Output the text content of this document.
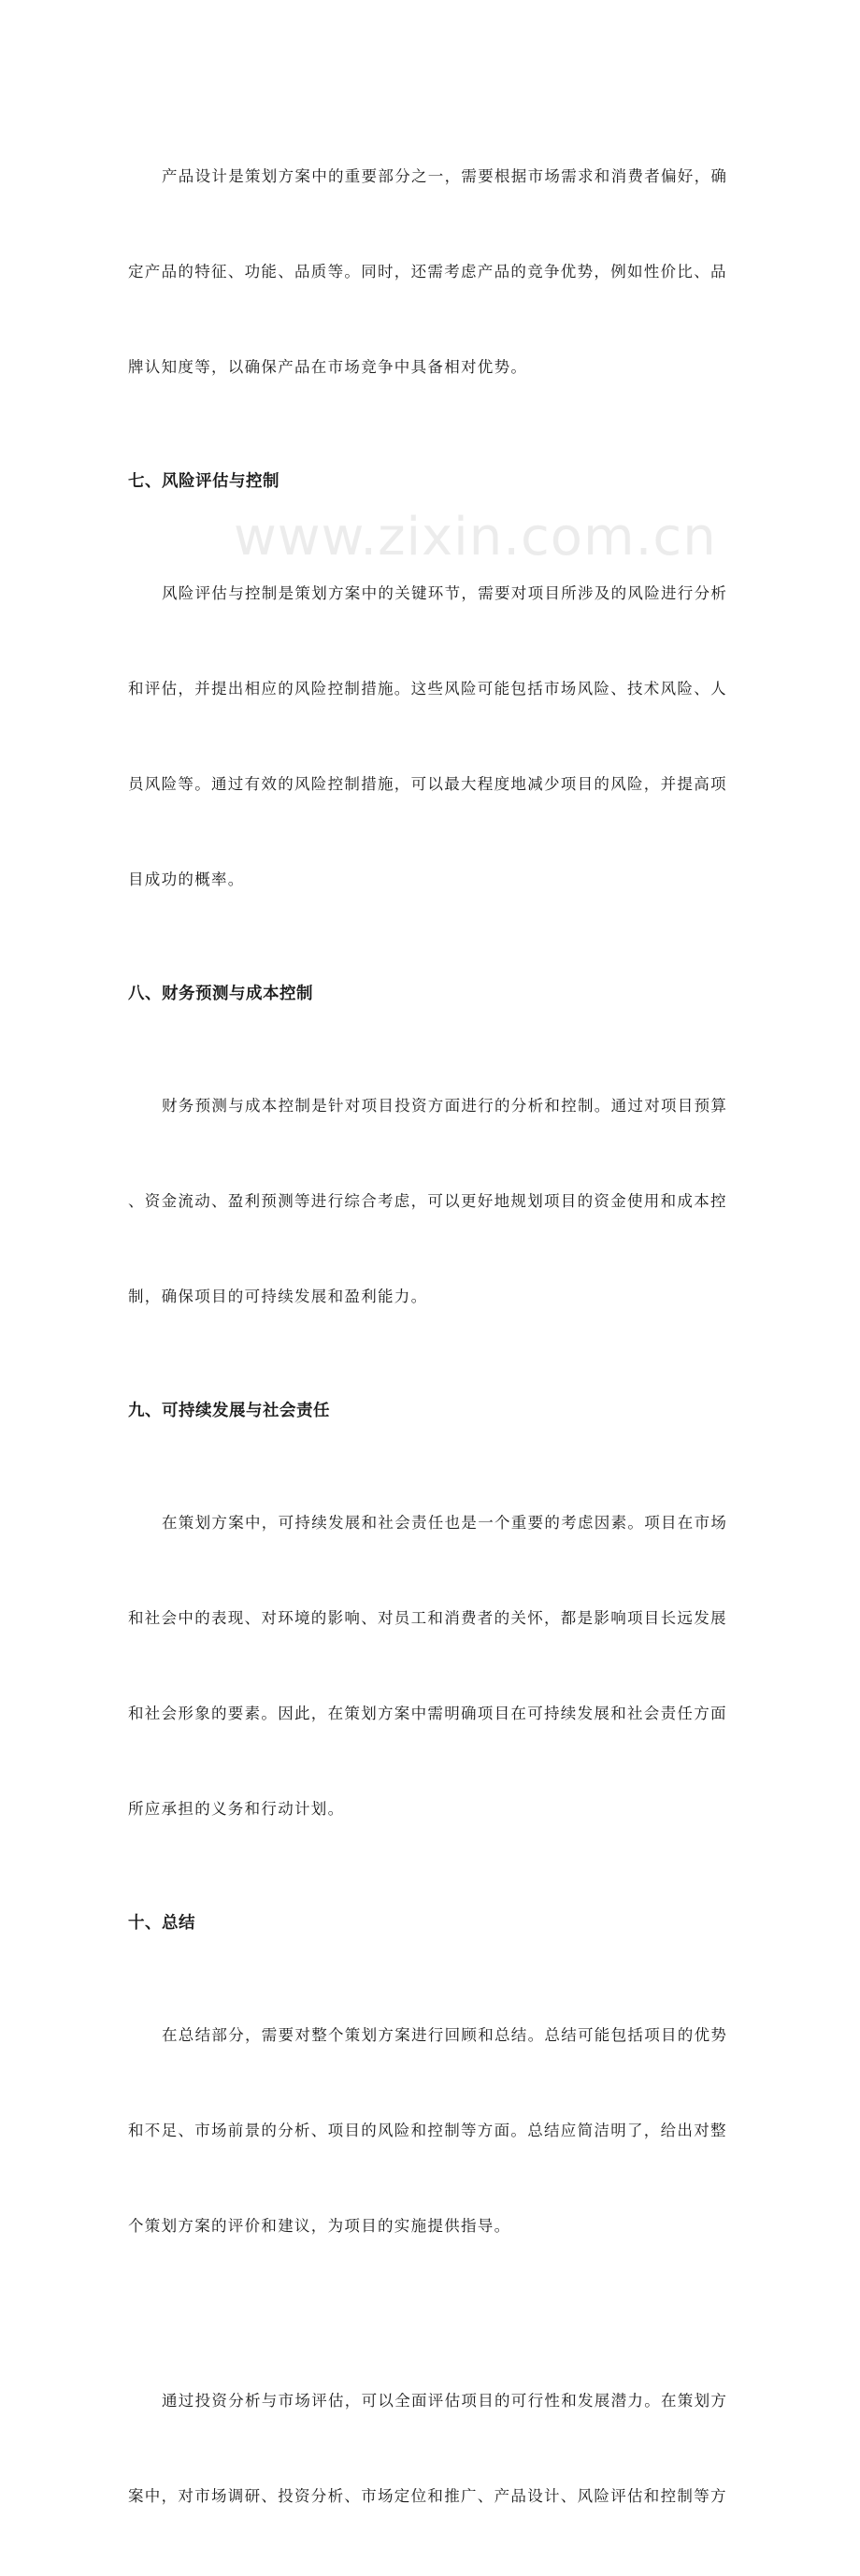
产品设计是策划方案中的重要部分之一，需要根据市场需求和消费者偏好，确

定产品的特征、功能、品质等。同时，还需考虑产品的竞争优势，例如性价比、品

牌认知度等，以确保产品在市场竞争中具备相对优势。

七、风险评估与控制

风险评估与控制是策划方案中的关键环节，需要对项目所涉及的风险进行分析

和评估，并提出相应的风险控制措施。这些风险可能包括市场风险、技术风险、人

员风险等。通过有效的风险控制措施，可以最大程度地减少项目的风险，并提高项

目成功的概率。

八、财务预测与成本控制

财务预测与成本控制是针对项目投资方面进行的分析和控制。通过对项目预算

、资金流动、盈利预测等进行综合考虑，可以更好地规划项目的资金使用和成本控

制，确保项目的可持续发展和盈利能力。

九、可持续发展与社会责任

在策划方案中，可持续发展和社会责任也是一个重要的考虑因素。项目在市场

和社会中的表现、对环境的影响、对员工和消费者的关怀，都是影响项目长远发展

和社会形象的要素。因此，在策划方案中需明确项目在可持续发展和社会责任方面

所应承担的义务和行动计划。

十、总结

在总结部分，需要对整个策划方案进行回顾和总结。总结可能包括项目的优势

和不足、市场前景的分析、项目的风险和控制等方面。总结应简洁明了，给出对整

个策划方案的评价和建议，为项目的实施提供指导。

通过投资分析与市场评估，可以全面评估项目的可行性和发展潜力。在策划方

案中，对市场调研、投资分析、市场定位和推广、产品设计、风险评估和控制等方

www.zixin.com.cn
